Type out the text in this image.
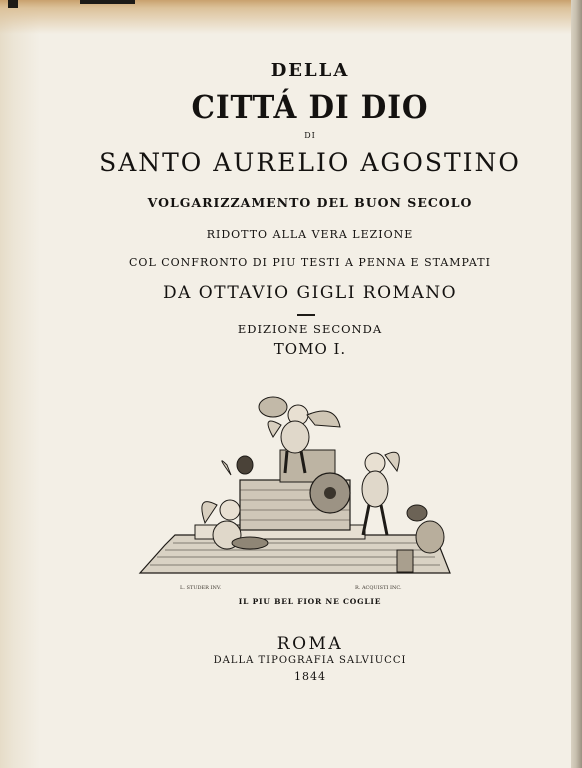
DELLA
CITTÁ DI DIO
DI
SANTO AURELIO AGOSTINO
VOLGARIZZAMENTO DEL BUON SECOLO
RIDOTTO ALLA VERA LEZIONE
COL CONFRONTO DI PIU TESTI A PENNA E STAMPATI
DA OTTAVIO GIGLI ROMANO
EDIZIONE SECONDA
TOMO I.
L. STUDER INV.	R. ACQUISTI INC.
IL PIU BEL FIOR NE COGLIE
ROMA
DALLA TIPOGRAFIA SALVIUCCI
1844
